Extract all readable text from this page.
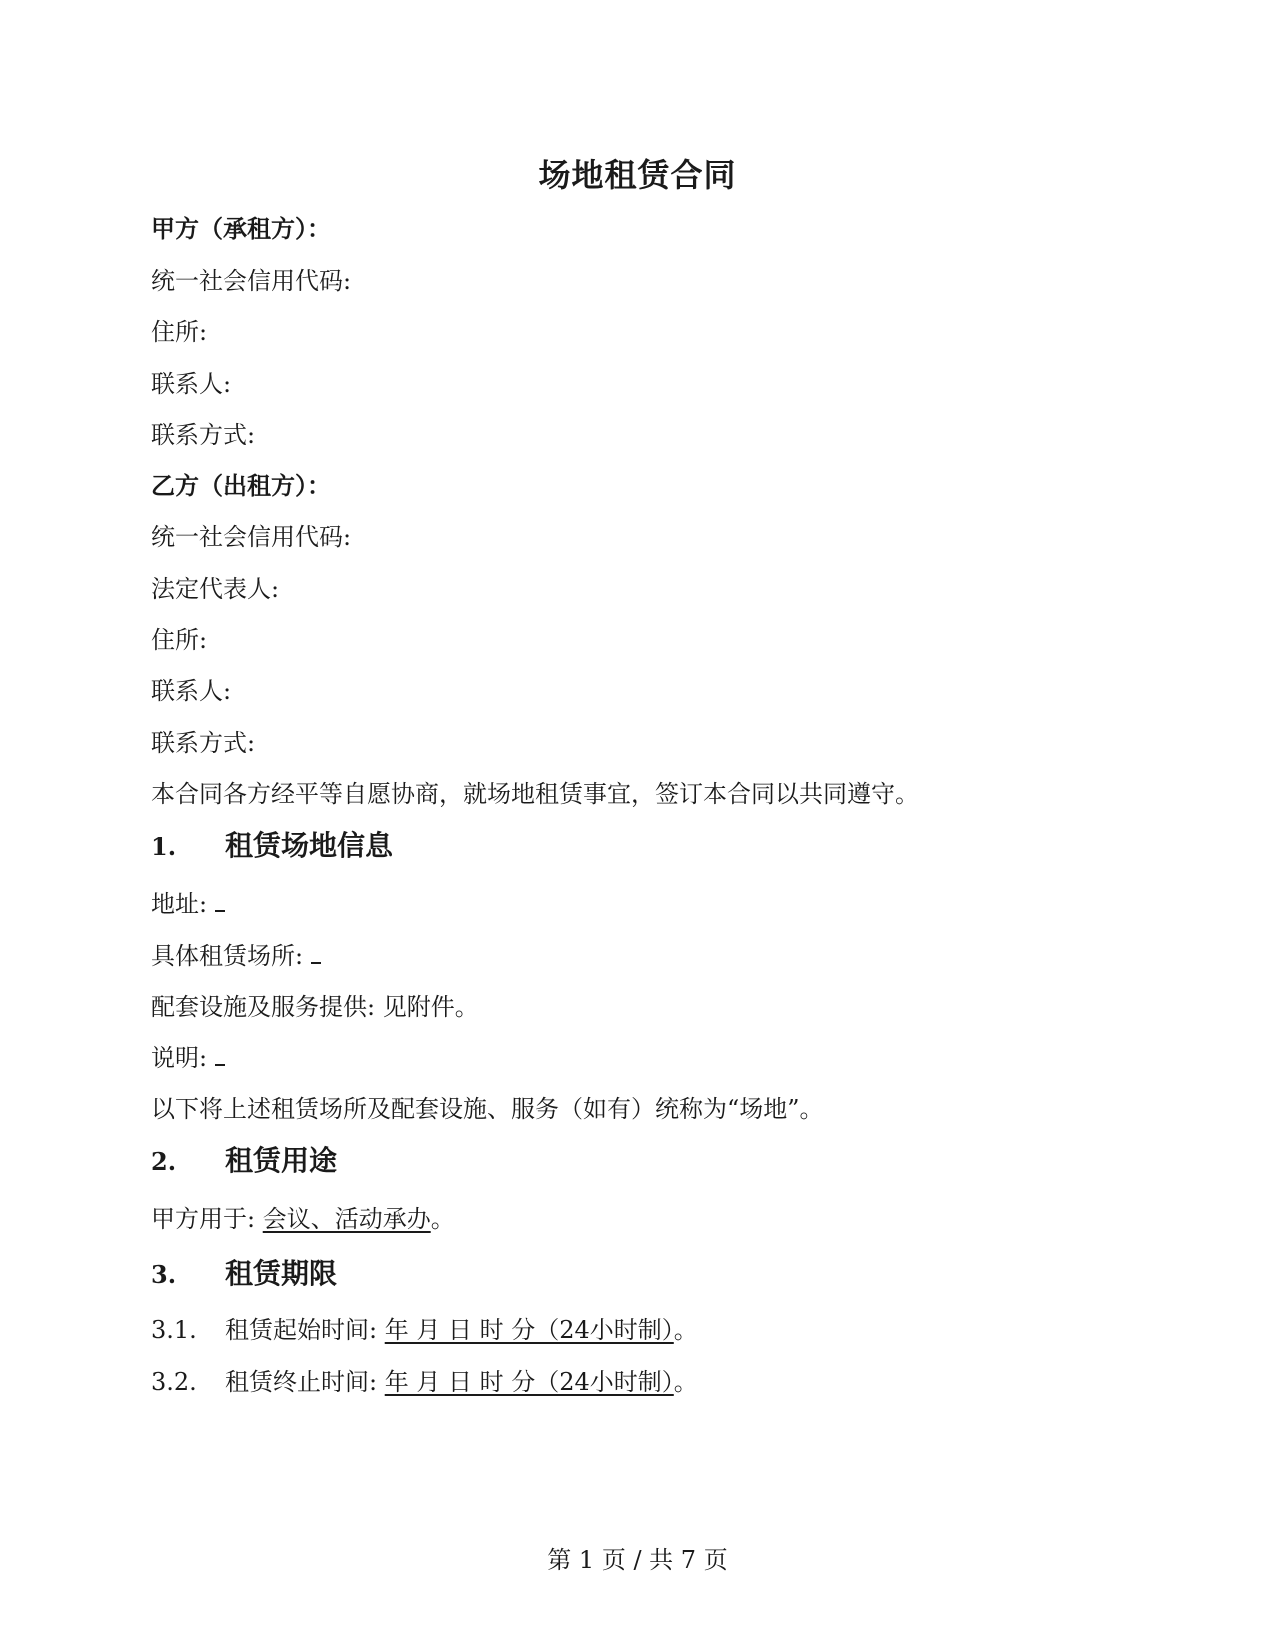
场地租赁合同

甲方（承租方）：

统一社会信用代码:

住所:

联系人:

联系方式:

乙方（出租方）：

统一社会信用代码:

法定代表人:

住所:

联系人:

联系方式:

本合同各方经平等自愿协商，就场地租赁事宜，签订本合同以共同遵守。

1. 租赁场地信息

地址:

具体租赁场所:

配套设施及服务提供: 见附件。

说明:

以下将上述租赁场所及配套设施、服务（如有）统称为“场地”。

2. 租赁用途

甲方用于: 会议、活动承办。

3. 租赁期限

3.1. 租赁起始时间: 年 月 日 时 分（24小时制）。

3.2. 租赁终止时间: 年 月 日 时 分（24小时制）。

第 1 页 / 共 7 页
